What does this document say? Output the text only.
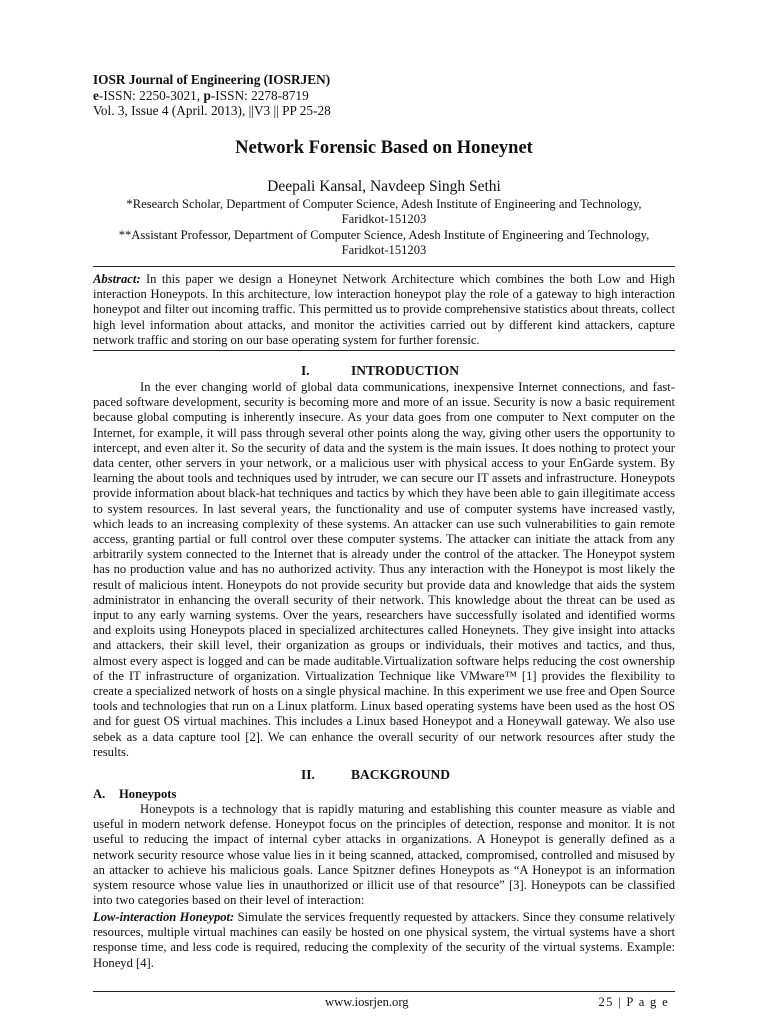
IOSR Journal of Engineering (IOSRJEN)
e-ISSN: 2250-3021, p-ISSN: 2278-8719
Vol. 3, Issue 4 (April. 2013), ||V3 || PP 25-28
Network Forensic Based on Honeynet
Deepali Kansal, Navdeep Singh Sethi
*Research Scholar, Department of Computer Science, Adesh Institute of Engineering and Technology,
Faridkot-151203
**Assistant Professor, Department of Computer Science, Adesh Institute of Engineering and Technology,
Faridkot-151203

Abstract: In this paper we design a Honeynet Network Architecture which combines the both Low and High interaction Honeypots. In this architecture, low interaction honeypot play the role of a gateway to high interaction honeypot and filter out incoming traffic. This permitted us to provide comprehensive statistics about threats, collect high level information about attacks, and monitor the activities carried out by different kind attackers, capture network traffic and storing on our base operating system for further forensic.

I.	INTRODUCTION

In the ever changing world of global data communications, inexpensive Internet connections, and fast-paced software development, security is becoming more and more of an issue. Security is now a basic requirement because global computing is inherently insecure. As your data goes from one computer to Next computer on the Internet, for example, it will pass through several other points along the way, giving other users the opportunity to intercept, and even alter it. So the security of data and the system is the main issues. It does nothing to protect your data center, other servers in your network, or a malicious user with physical access to your EnGarde system. By learning the about tools and techniques used by intruder, we can secure our IT assets and infrastructure. Honeypots provide information about black-hat techniques and tactics by which they have been able to gain illegitimate access to system resources. In last several years, the functionality and use of computer systems have increased vastly, which leads to an increasing complexity of these systems. An attacker can use such vulnerabilities to gain remote access, granting partial or full control over these computer systems. The attacker can initiate the attack from any arbitrarily system connected to the Internet that is already under the control of the attacker. The Honeypot system has no production value and has no authorized activity. Thus any interaction with the Honeypot is most likely the result of malicious intent. Honeypots do not provide security but provide data and knowledge that aids the system administrator in enhancing the overall security of their network. This knowledge about the threat can be used as input to any early warning systems. Over the years, researchers have successfully isolated and identified worms and exploits using Honeypots placed in specialized architectures called Honeynets. They give insight into attacks and attackers, their skill level, their organization as groups or individuals, their motives and tactics, and thus, almost every aspect is logged and can be made auditable.Virtualization software helps reducing the cost ownership of the IT infrastructure of organization. Virtualization Technique like VMware™ [1] provides the flexibility to create a specialized network of hosts on a single physical machine. In this experiment we use free and Open Source tools and technologies that run on a Linux platform. Linux based operating systems have been used as the host OS and for guest OS virtual machines. This includes a Linux based Honeypot and a Honeywall gateway. We also use sebek as a data capture tool [2]. We can enhance the overall security of our network resources after study the results.

II.	BACKGROUND
A. Honeypots

Honeypots is a technology that is rapidly maturing and establishing this counter measure as viable and useful in modern network defense. Honeypot focus on the principles of detection, response and monitor. It is not useful to reducing the impact of internal cyber attacks in organizations. A Honeypot is generally defined as a network security resource whose value lies in it being scanned, attacked, compromised, controlled and misused by an attacker to achieve his malicious goals. Lance Spitzner defines Honeypots as “A Honeypot is an information system resource whose value lies in unauthorized or illicit use of that resource” [3]. Honeypots can be classified into two categories based on their level of interaction:

Low-interaction Honeypot: Simulate the services frequently requested by attackers. Since they consume relatively resources, multiple virtual machines can easily be hosted on one physical system, the virtual systems have a short response time, and less code is required, reducing the complexity of the security of the virtual systems. Example: Honeyd [4].

www.iosrjen.org	25 | P a g e
